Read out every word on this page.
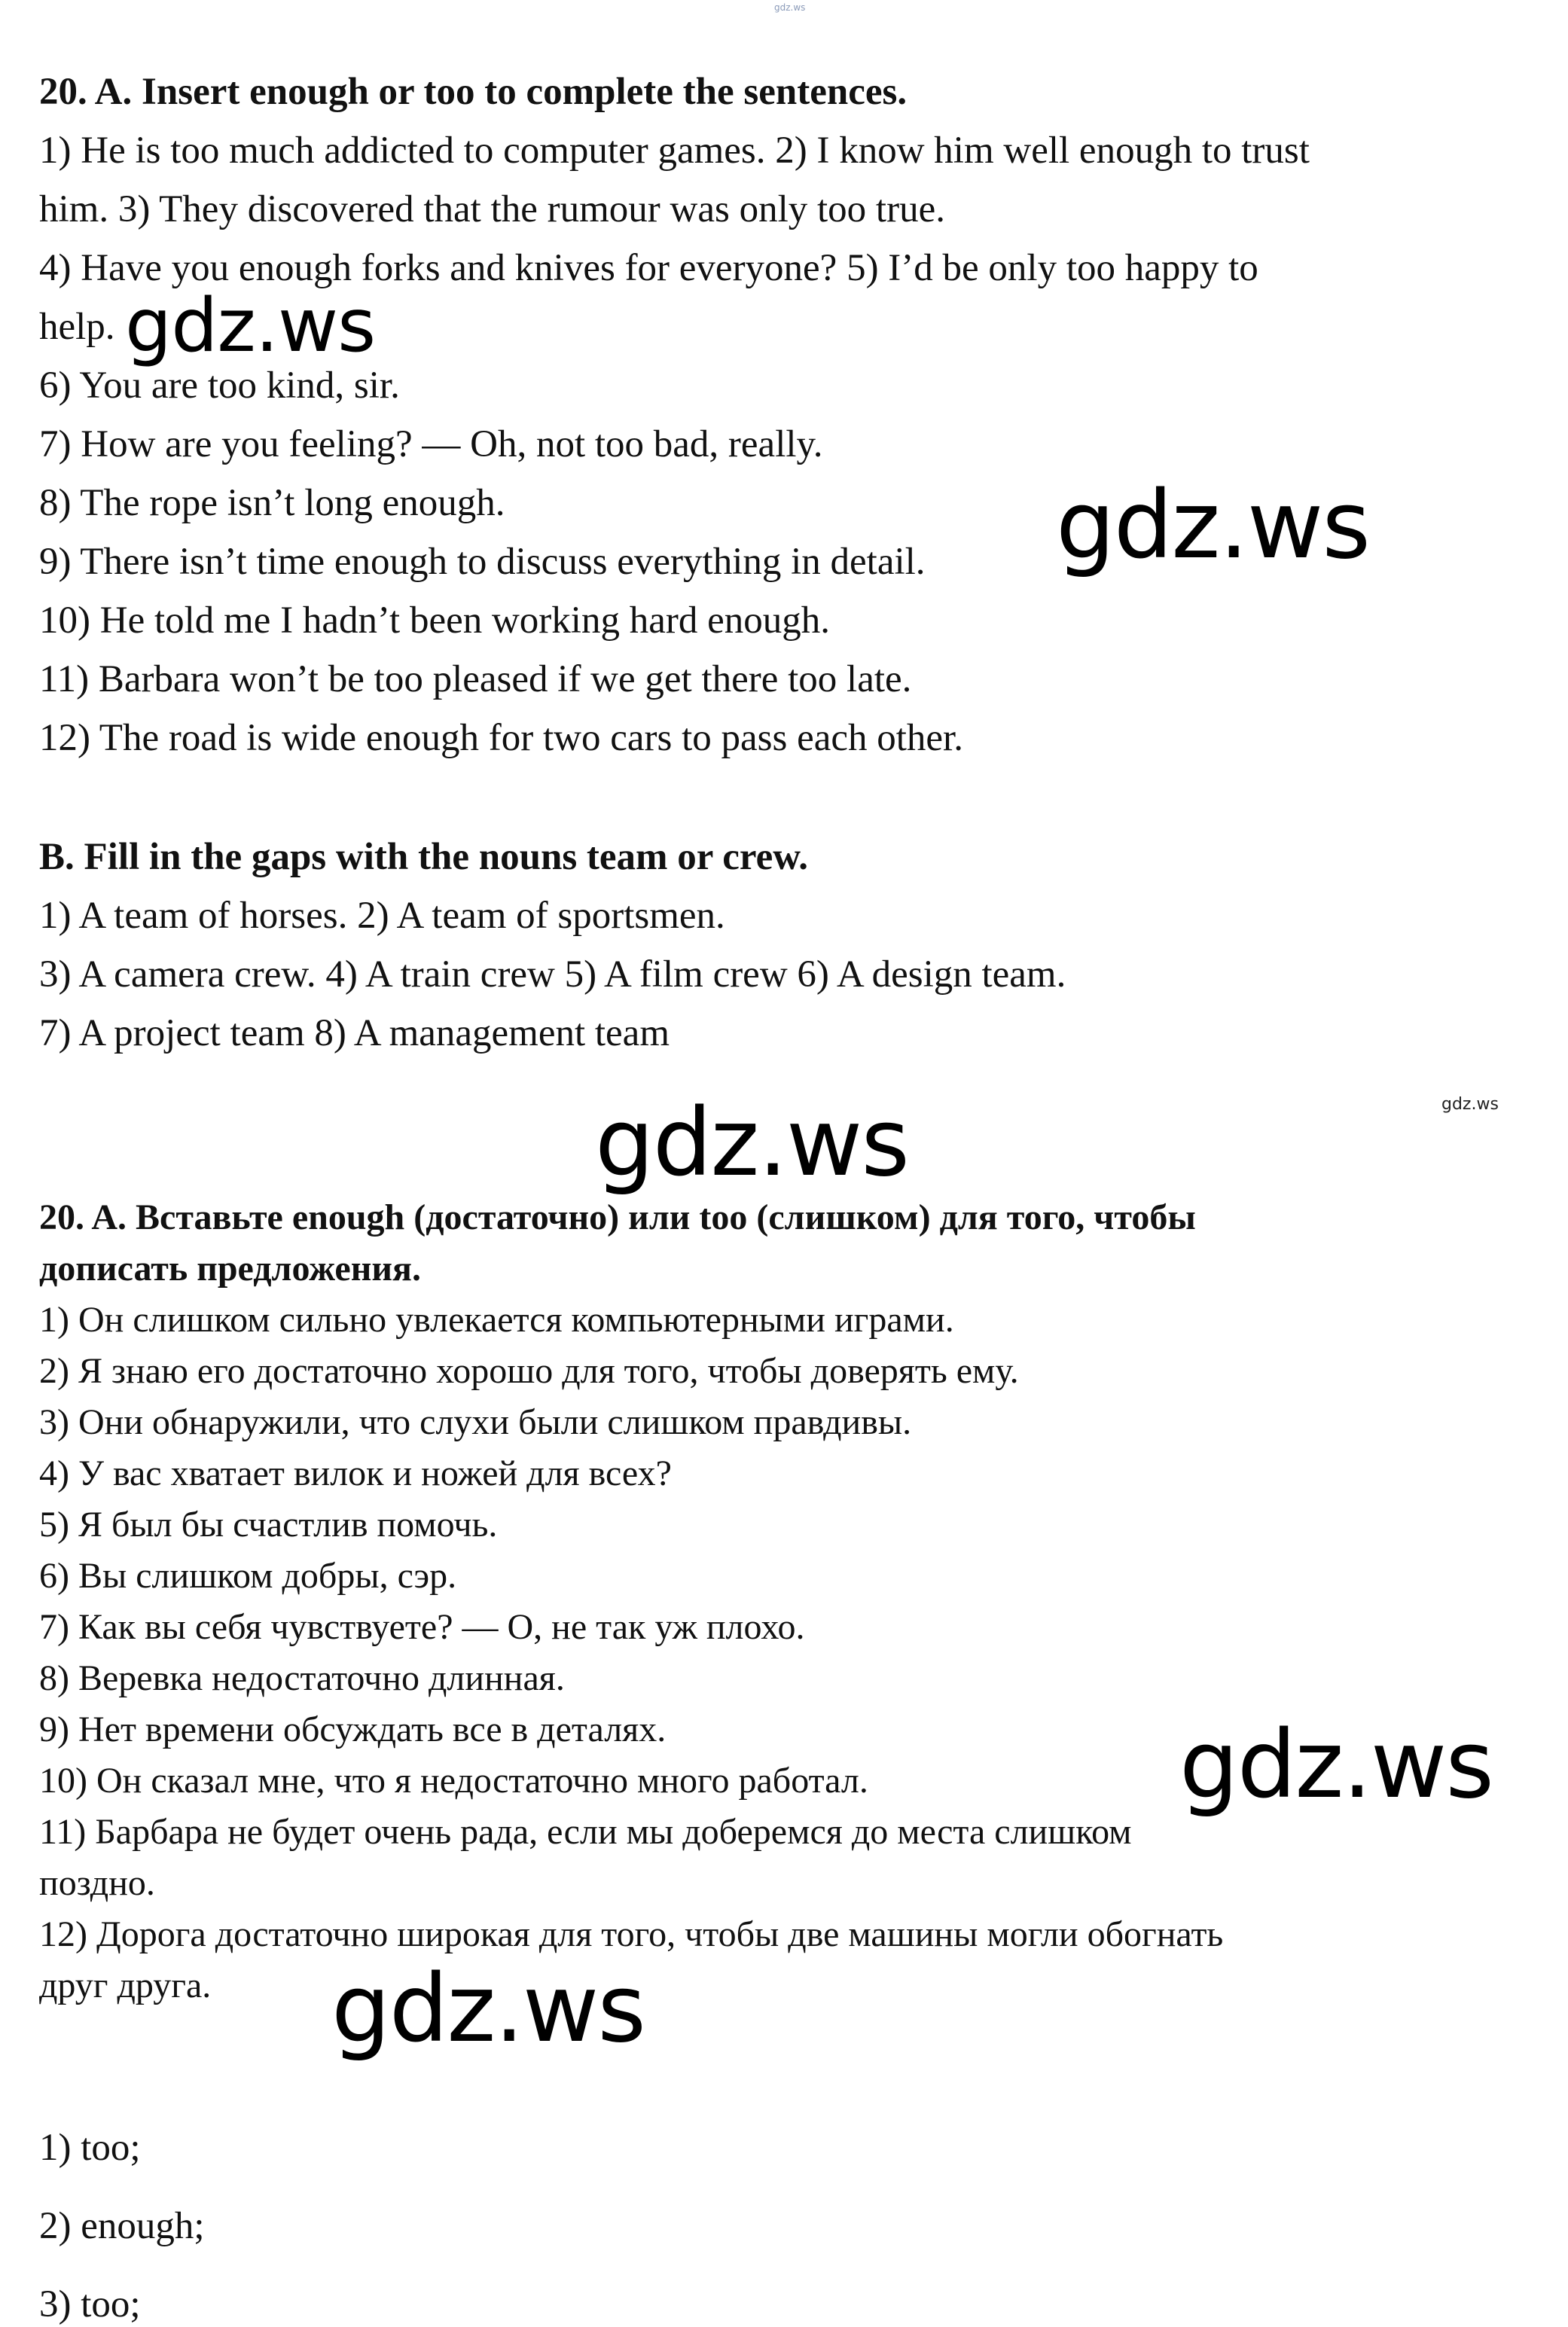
gdz.ws

20. A. Insert enough or too to complete the sentences.

1) He is too much addicted to computer games. 2) I know him well enough to trust

him. 3) They discovered that the rumour was only too true.

4) Have you enough forks and knives for everyone? 5) I’d be only too happy to

help.

6) You are too kind, sir.

7) How are you feeling? — Oh, not too bad, really.

8) The rope isn’t long enough.

9) There isn’t time enough to discuss everything in detail.

10) He told me I hadn’t been working hard enough.

11) Barbara won’t be too pleased if we get there too late.

12) The road is wide enough for two cars to pass each other.

B. Fill in the gaps with the nouns team or crew.

1) A team of horses. 2) A team of sportsmen.

3) A camera crew. 4) A train crew 5) A film crew 6) A design team.

7) A project team 8) A management team

20. A. Вставьте enough (достаточно) или too (слишком) для того, чтобы

дописать предложения.

1) Он слишком сильно увлекается компьютерными играми.

2) Я знаю его достаточно хорошо для того, чтобы доверять ему.

3) Они обнаружили, что слухи были слишком правдивы.

4) У вас хватает вилок и ножей для всех?

5) Я был бы счастлив помочь.

6) Вы слишком добры, сэр.

7) Как вы себя чувствуете? — О, не так уж плохо.

8) Веревка недостаточно длинная.

9) Нет времени обсуждать все в деталях.

10) Он сказал мне, что я недостаточно много работал.

11) Барбара не будет очень рада, если мы доберемся до места слишком

поздно.

12) Дорога достаточно широкая для того, чтобы две машины могли обогнать

друг друга.

1) too;

2) enough;

3) too;

gdz.ws

gdz.ws

gdz.ws	gdz.ws

gdz.ws

gdz.ws
